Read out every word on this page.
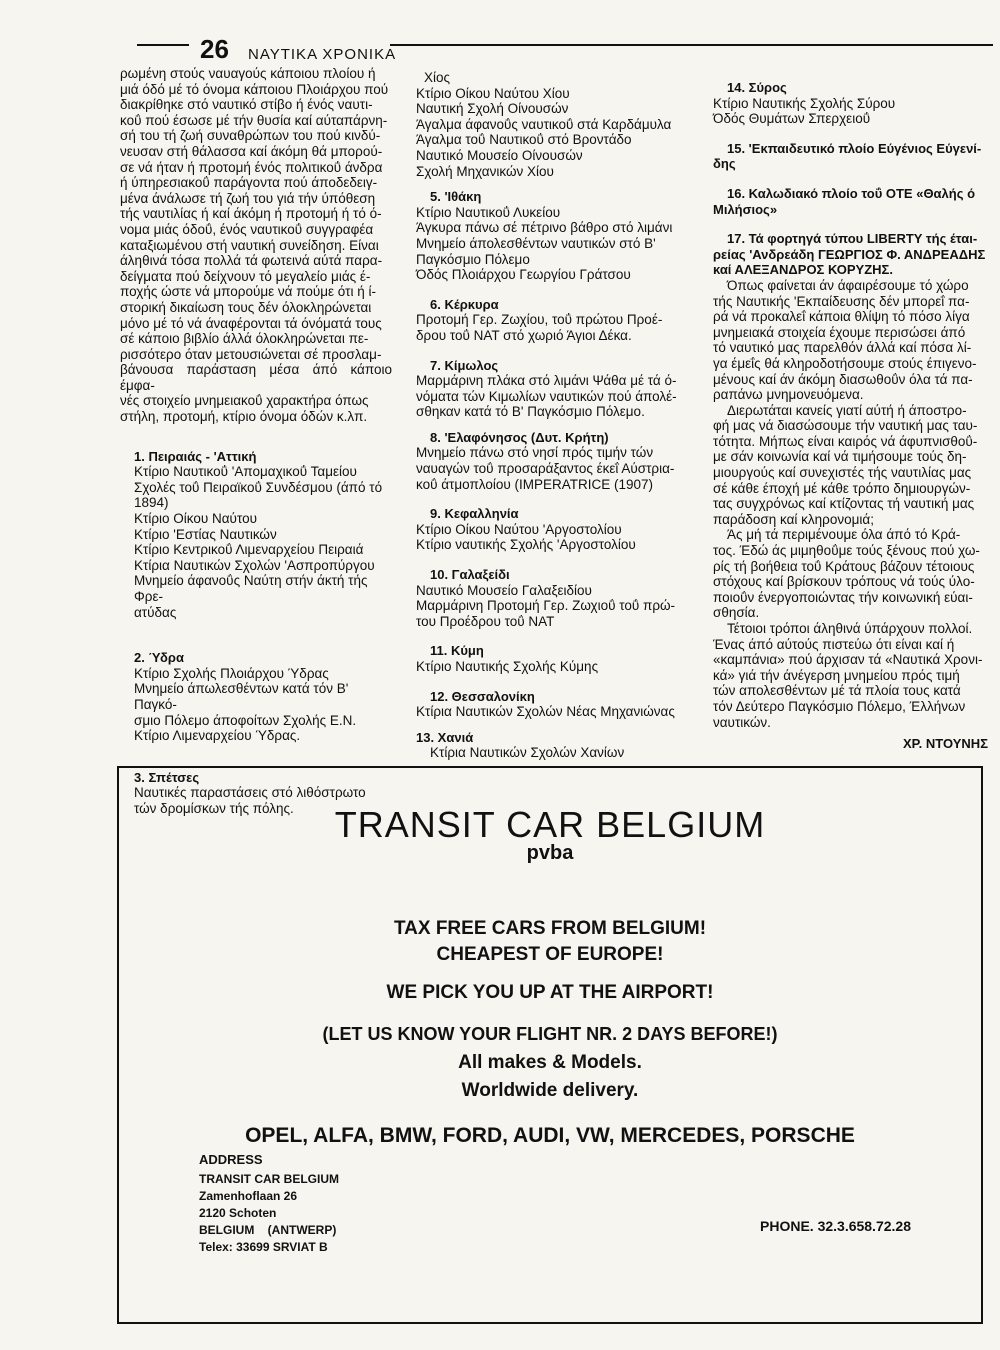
26 ΝΑΥΤΙΚΑ ΧΡΟΝΙΚΑ

ρωμένη στούς ναυαγούς κάποιου πλοίου ή
μιά όδό μέ τό όνομα κάποιου Πλοιάρχου πού
διακρίθηκε στό ναυτικό στίβο ή ένός ναυτι-
κοΰ πού έσωσε μέ τήν θυσία καί αύταπάρνη-
σή του τή ζωή συναθρώπων του πού κινδύ-
νευσαν στή θάλασσα καί άκόμη θά μπορού-
σε νά ήταν ή προτομή ένός πολιτικοΰ άνδρα
ή ύπηρεσιακοΰ παράγοντα πού άποδεδειγ-
μένα άνάλωσε τή ζωή του γιά τήν ύπόθεση
τής ναυτιλίας ή καί άκόμη ή προτομή ή τό ό-
νομα μιάς όδοΰ, ένός ναυτικοΰ συγγραφέα
καταξιωμένου στή ναυτική συνείδηση. Είναι
άληθινά τόσα πολλά τά φωτεινά αύτά παρα-
δείγματα πού δείχνουν τό μεγαλείο μιάς έ-
ποχής ώστε νά μπορούμε νά πούμε ότι ή ί-
στορική δικαίωση τους δέν όλοκληρώνεται
μόνο μέ τό νά άναφέρονται τά όνόματά τους
σέ κάποιο βιβλίο άλλά όλοκληρώνεται πε-
ρισσότερο όταν μετουσιώνεται σέ προσλαμ-
βάνουσα παράσταση μέσα άπό κάποιο έμφα-
νές στοιχείο μνημειακοΰ χαρακτήρα όπως
στήλη, προτομή, κτίριο όνομα όδών κ.λπ.

1. Πειραιάς - 'Αττική
Κτίριο Ναυτικοΰ 'Απομαχικοΰ Ταμείου
Σχολές τοΰ Πειραϊκοΰ Συνδέσμου (άπό τό
1894)
Κτίριο Οίκου Ναύτου
Κτίριο 'Εστίας Ναυτικών
Κτίριο Κεντρικοΰ Λιμεναρχείου Πειραιά
Κτίρια Ναυτικών Σχολών 'Ασπροπύργου
Μνημείο άφανοΰς Ναύτη στήν άκτή τής Φρε-
ατύδας
2. Ύδρα
Κτίριο Σχολής Πλοιάρχου Ύδρας
Μνημείο άπωλεσθέντων κατά τόν Β' Παγκό-
σμιο Πόλεμο άποφοίτων Σχολής Ε.Ν.
Κτίριο Λιμεναρχείου Ύδρας.
3. Σπέτσες
Ναυτικές παραστάσεις στό λιθόστρωτο
τών δρομίσκων τής πόλης.
Χίος
Κτίριο Οίκου Ναύτου Χίου
Ναυτική Σχολή Οίνουσών
Άγαλμα άφανοΰς ναυτικοΰ στά Καρδάμυλα
Άγαλμα τοΰ Ναυτικοΰ στό Βροντάδο
Ναυτικό Μουσείο Οίνουσών
Σχολή Μηχανικών Χίου
5. 'Ιθάκη
Κτίριο Ναυτικοΰ Λυκείου
Άγκυρα πάνω σέ πέτρινο βάθρο στό λιμάνι
Μνημείο άπολεσθέντων ναυτικών στό Β'
Παγκόσμιο Πόλεμο
Όδός Πλοιάρχου Γεωργίου Γράτσου
6. Κέρκυρα
Προτομή Γερ. Ζωχίου, τοΰ πρώτου Προέ-
δρου τοΰ ΝΑΤ στό χωριό Άγιοι Δέκα.
7. Κίμωλος
Μαρμάρινη πλάκα στό λιμάνι Ψάθα μέ τά ό-
νόματα τών Κιμωλίων ναυτικών πού άπολέ-
σθηκαν κατά τό Β' Παγκόσμιο Πόλεμο.
8. 'Ελαφόνησος (Δυτ. Κρήτη)
Μνημείο πάνω στό νησί πρός τιμήν τών
ναυαγών τοΰ προσαράξαντος έκεΐ Αύστρια-
κοΰ άτμοπλοίου (IMPERATRICE (1907)
9. Κεφαλληνία
Κτίριο Οίκου Ναύτου 'Αργοστολίου
Κτίριο ναυτικής Σχολής 'Αργοστολίου
10. Γαλαξείδι
Ναυτικό Μουσείο Γαλαξειδίου
Μαρμάρινη Προτομή Γερ. Ζωχιοΰ τοΰ πρώ-
του Προέδρου τοΰ ΝΑΤ
11. Κύμη
Κτίριο Ναυτικής Σχολής Κύμης
12. Θεσσαλονίκη
Κτίρια Ναυτικών Σχολών Νέας Μηχανιώνας
13. Χανιά
Κτίρια Ναυτικών Σχολών Χανίων
14. Σύρος
Κτίριο Ναυτικής Σχολής Σύρου
Όδός Θυμάτων Σπερχειοΰ
15. 'Εκπαιδευτικό πλοίο Εύγένιος Εύγενί-
δης
16. Καλωδιακό πλοίο τοΰ ΟΤΕ «Θαλής ό
Μιλήσιος»
17. Τά φορτηγά τύπου LIBERTY τής έται-
ρείας 'Ανδρεάδη ΓΕΩΡΓΙΟΣ Φ. ΑΝΔΡΕΑΔΗΣ
καί ΑΛΕΞΑΝΔΡΟΣ ΚΟΡΥΖΗΣ.

Όπως φαίνεται άν άφαιρέσουμε τό χώρο
τής Ναυτικής 'Εκπαίδευσης δέν μπορεΐ πα-
ρά νά προκαλεΐ κάποια θλίψη τό πόσο λίγα
μνημειακά στοιχεία έχουμε περισώσει άπό
τό ναυτικό μας παρελθόν άλλά καί πόσα λί-
γα έμεΐς θά κληροδοτήσουμε στούς έπιγενο-
μένους καί άν άκόμη διασωθοΰν όλα τά πα-
ραπάνω μνημονευόμενα.
Διερωτάται κανείς γιατί αύτή ή άποστρο-
φή μας νά διασώσουμε τήν ναυτική μας ταυ-
τότητα. Μήπως είναι καιρός νά άφυπνισθοΰ-
με σάν κοινωνία καί νά τιμήσουμε τούς δη-
μιουργούς καί συνεχιστές τής ναυτιλίας μας
σέ κάθε έποχή μέ κάθε τρόπο δημιουργών-
τας συγχρόνως καί κτίζοντας τή ναυτική μας
παράδοση καί κληρονομιά;
Άς μή τά περιμένουμε όλα άπό τό Κρά-
τος. Έδώ άς μιμηθοΰμε τούς ξένους πού χω-
ρίς τή βοήθεια τοΰ Κράτους βάζουν τέτοιους
στόχους καί βρίσκουν τρόπους νά τούς ύλο-
ποιοΰν ένεργοποιώντας τήν κοινωνική εύαι-
σθησία.
Τέτοιοι τρόποι άληθινά ύπάρχουν πολλοί.
Ένας άπό αύτούς πιστεύω ότι είναι καί ή
«καμπάνια» πού άρχισαν τά «Ναυτικά Χρονι-
κά» γιά τήν άνέγερση μνημείου πρός τιμή
τών απολεσθέντων μέ τά πλοία τους κατά
τόν Δεύτερο Παγκόσμιο Πόλεμο, Έλλήνων
ναυτικών.

ΧΡ. ΝΤΟΥΝΗΣ
TRANSIT CAR BELGIUM
pvba
TAX FREE CARS FROM BELGIUM!
CHEAPEST OF EUROPE!
WE PICK YOU UP AT THE AIRPORT!
(LET US KNOW YOUR FLIGHT NR. 2 DAYS BEFORE!)
All makes & Models.
Worldwide delivery.
OPEL, ALFA, BMW, FORD, AUDI, VW, MERCEDES, PORSCHE
ADDRESS
TRANSIT CAR BELGIUM
Zamenhoflaan 26
2120 Schoten
BELGIUM    (ANTWERP)
Telex: 33699 SRVIAT B
PHONE. 32.3.658.72.28
